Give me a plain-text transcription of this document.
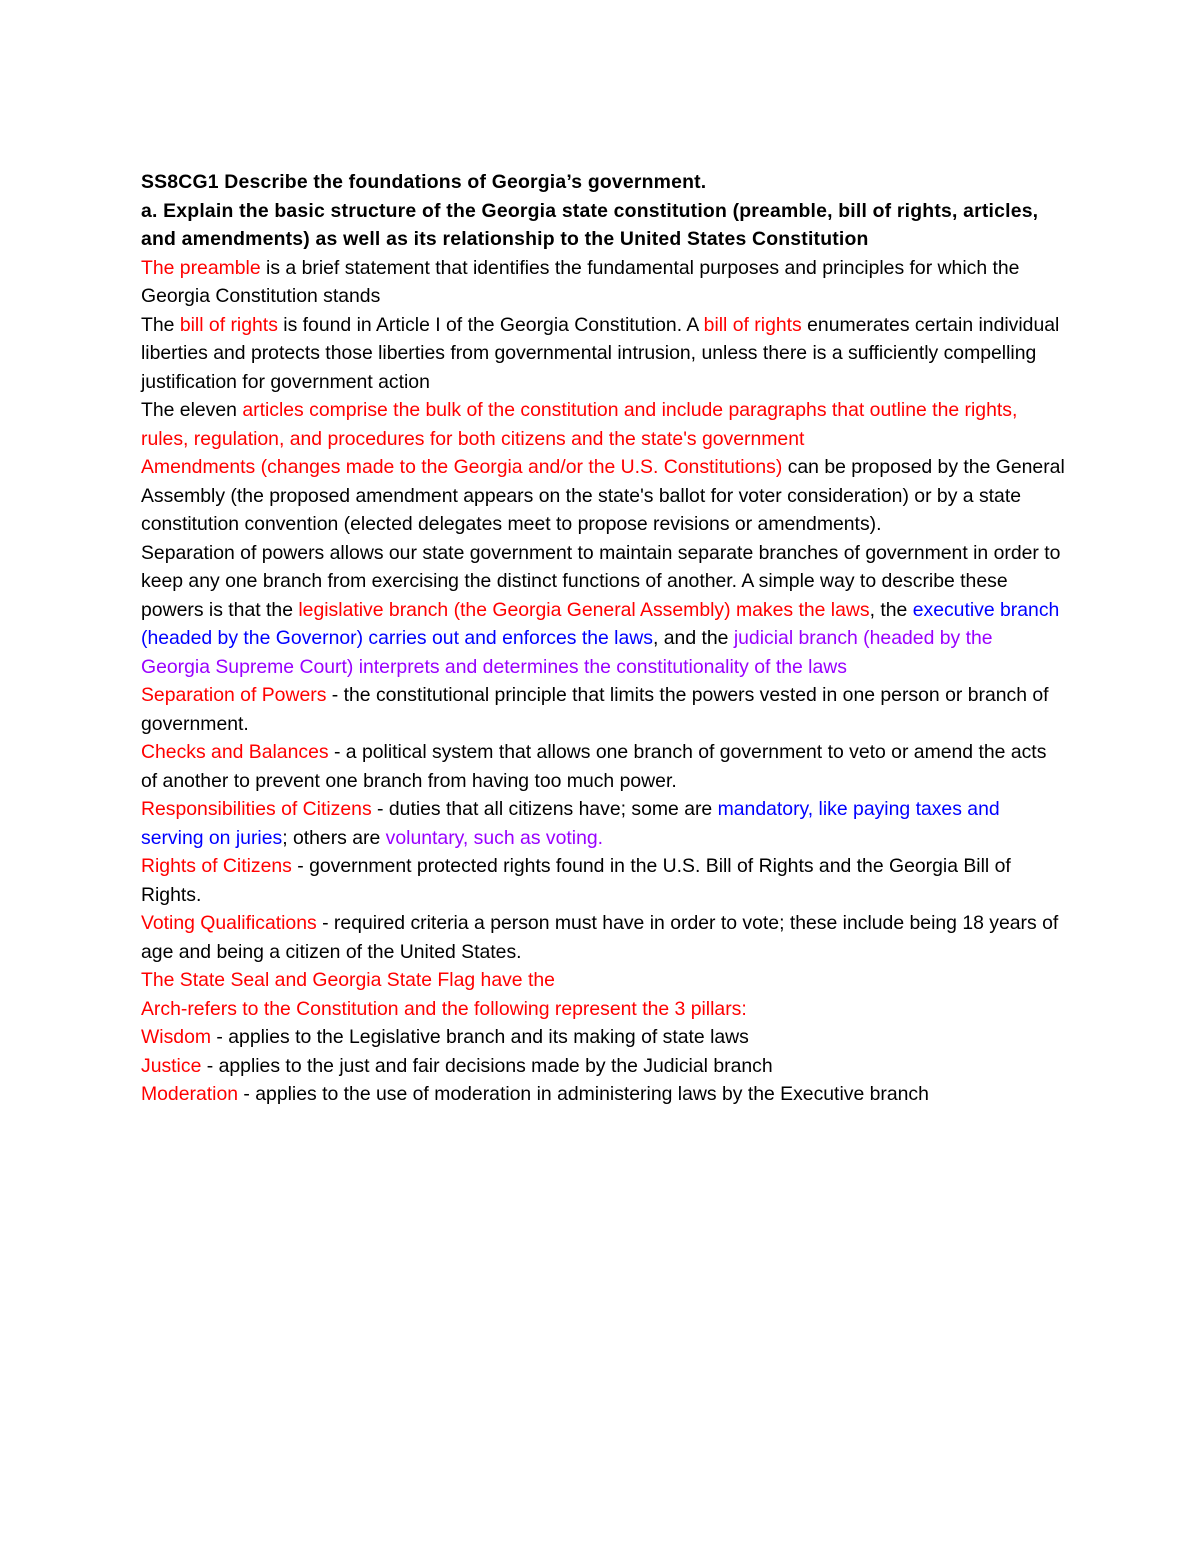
SS8CG1 Describe the foundations of Georgia’s government.

a. Explain the basic structure of the Georgia state constitution (preamble, bill of rights, articles, and amendments) as well as its relationship to the United States Constitution

The preamble is a brief statement that identifies the fundamental purposes and principles for which the Georgia Constitution stands

The bill of rights is found in Article I of the Georgia Constitution. A bill of rights enumerates certain individual liberties and protects those liberties from governmental intrusion, unless there is a sufficiently compelling justification for government action

The eleven articles comprise the bulk of the constitution and include paragraphs that outline the rights, rules, regulation, and procedures for both citizens and the state's government

Amendments (changes made to the Georgia and/or the U.S. Constitutions) can be proposed by the General Assembly (the proposed amendment appears on the state's ballot for voter consideration) or by a state constitution convention (elected delegates meet to propose revisions or amendments).

Separation of powers allows our state government to maintain separate branches of government in order to keep any one branch from exercising the distinct functions of another. A simple way to describe these powers is that the legislative branch (the Georgia General Assembly) makes the laws, the executive branch (headed by the Governor) carries out and enforces the laws, and the judicial branch (headed by the Georgia Supreme Court) interprets and determines the constitutionality of the laws

Separation of Powers - the constitutional principle that limits the powers vested in one person or branch of government.

Checks and Balances - a political system that allows one branch of government to veto or amend the acts of another to prevent one branch from having too much power.

Responsibilities of Citizens - duties that all citizens have; some are mandatory, like paying taxes and serving on juries; others are voluntary, such as voting.

Rights of Citizens - government protected rights found in the U.S. Bill of Rights and the Georgia Bill of Rights.

Voting Qualifications - required criteria a person must have in order to vote; these include being 18 years of age and being a citizen of the United States.

The State Seal and Georgia State Flag have the

Arch-refers to the Constitution and the following represent the 3 pillars:

Wisdom - applies to the Legislative branch and its making of state laws

Justice - applies to the just and fair decisions made by the Judicial branch

Moderation - applies to the use of moderation in administering laws by the Executive branch
